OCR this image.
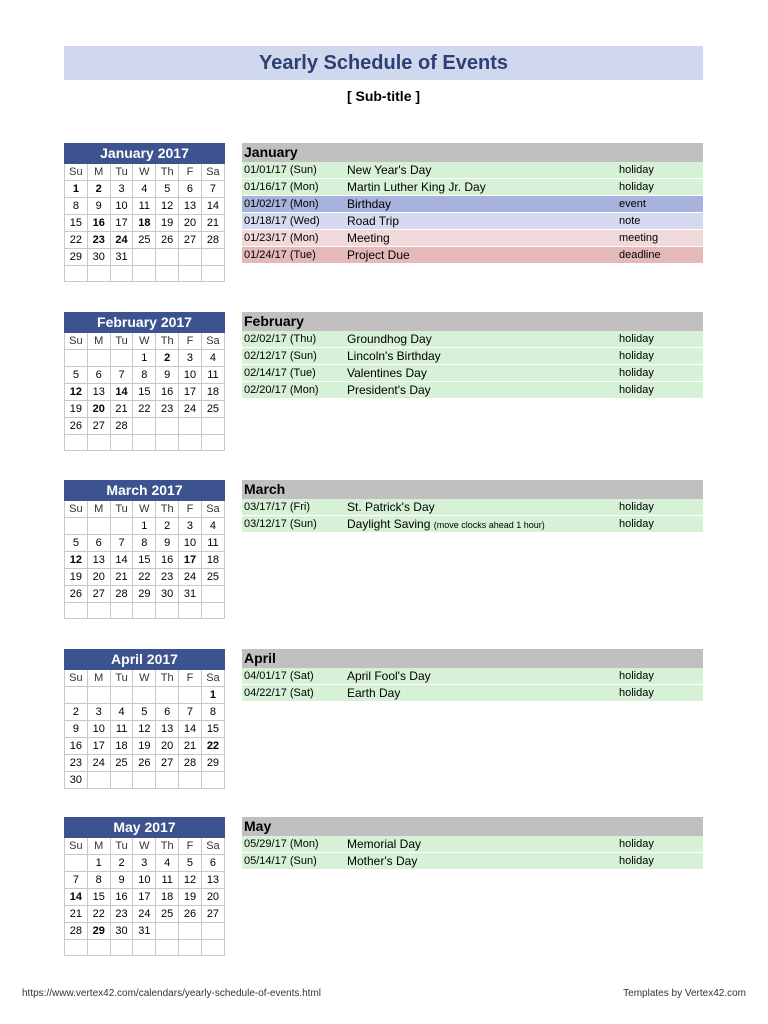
Yearly Schedule of Events
[ Sub-title ]
January 2017						
Su	M	Tu	W	Th	F	Sa
1	2	3	4	5	6	7
8	9	10	11	12	13	14
15	16	17	18	19	20	21
22	23	24	25	26	27	28
29	30	31				

January
01/01/17 (Sun)	New Year's Day	holiday
01/16/17 (Mon)	Martin Luther King Jr. Day	holiday
01/02/17 (Mon)	Birthday	event
01/18/17 (Wed)	Road Trip	note
01/23/17 (Mon)	Meeting	meeting
01/24/17 (Tue)	Project Due	deadline
February 2017						
Su	M	Tu	W	Th	F	Sa
			1	2	3	4
5	6	7	8	9	10	11
12	13	14	15	16	17	18
19	20	21	22	23	24	25
26	27	28				

February
02/02/17 (Thu)	Groundhog Day	holiday
02/12/17 (Sun)	Lincoln's Birthday	holiday
02/14/17 (Tue)	Valentines Day	holiday
02/20/17 (Mon)	President's Day	holiday
March 2017						
Su	M	Tu	W	Th	F	Sa
			1	2	3	4
5	6	7	8	9	10	11
12	13	14	15	16	17	18
19	20	21	22	23	24	25
26	27	28	29	30	31	

March
03/17/17 (Fri)	St. Patrick's Day	holiday
03/12/17 (Sun)	Daylight Saving (move clocks ahead 1 hour)	holiday
April 2017						
Su	M	Tu	W	Th	F	Sa
						1
2	3	4	5	6	7	8
9	10	11	12	13	14	15
16	17	18	19	20	21	22
23	24	25	26	27	28	29
30						
April
04/01/17 (Sat)	April Fool's Day	holiday
04/22/17 (Sat)	Earth Day	holiday
May 2017						
Su	M	Tu	W	Th	F	Sa
	1	2	3	4	5	6
7	8	9	10	11	12	13
14	15	16	17	18	19	20
21	22	23	24	25	26	27
28	29	30	31			

May
05/29/17 (Mon)	Memorial Day	holiday
05/14/17 (Sun)	Mother's Day	holiday
https://www.vertex42.com/calendars/yearly-schedule-of-events.html	Templates by Vertex42.com
